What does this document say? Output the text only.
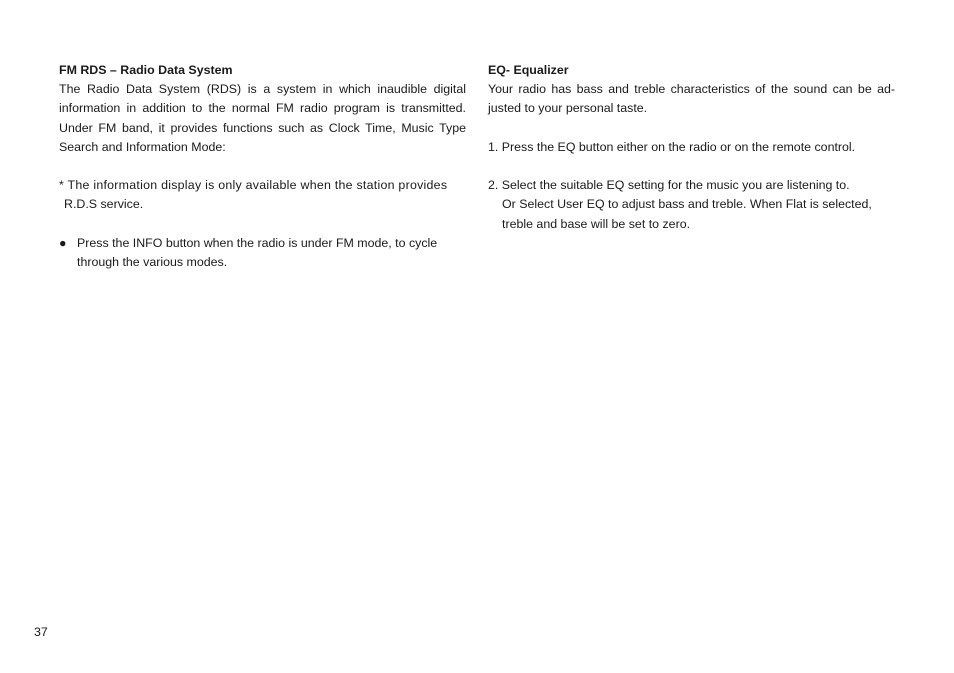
FM RDS – Radio Data System

The Radio Data System (RDS) is a system in which inaudible digital information in addition to the normal FM radio program is transmitted. Under FM band, it provides functions such as Clock Time, Music Type Search and Information Mode:

* The information display is only available when the station provides

R.D.S service.

● Press the INFO button when the radio is under FM mode, to cycle

through the various modes.

EQ- Equalizer

Your radio has bass and treble characteristics of the sound can be ad-justed to your personal taste.

1. Press the EQ button either on the radio or on the remote control.

2. Select the suitable EQ setting for the music you are listening to.

Or Select User EQ to adjust bass and treble. When Flat is selected,

treble and base will be set to zero.

37
